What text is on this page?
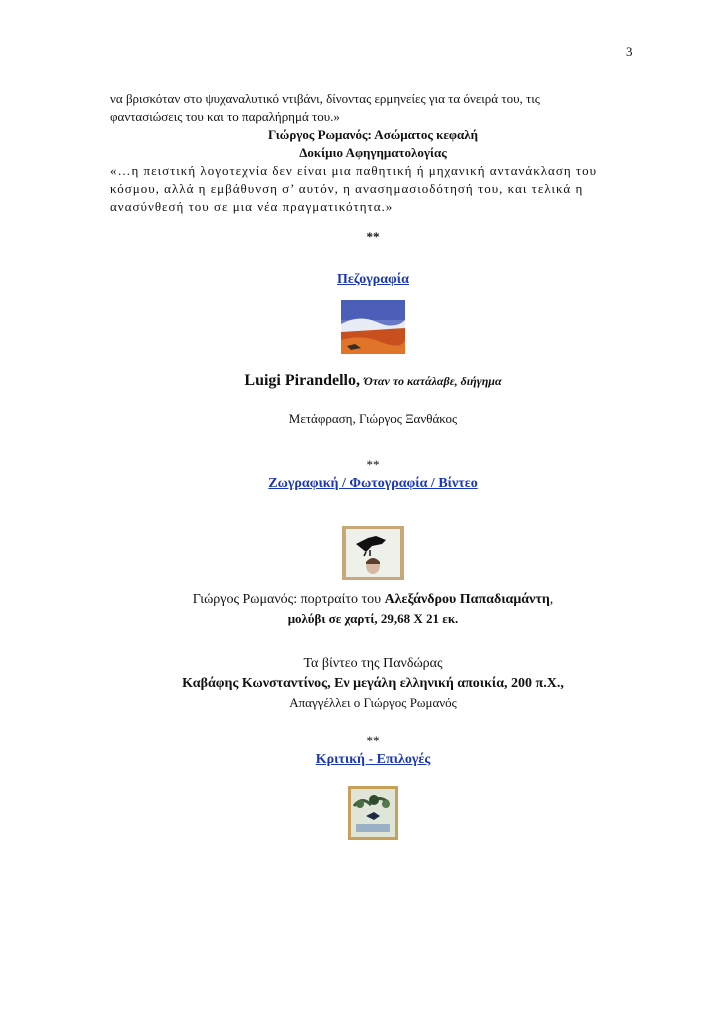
3

να βρισκόταν στο ψυχαναλυτικό ντιβάνι, δίνοντας ερμηνείες για τα όνειρά του, τις

φαντασιώσεις του και το παραλήρημά του.»

Γιώργος Ρωμανός: Ασώματος κεφαλή

Δοκίμιο Αφηγηματολογίας

«…η πειστική λογοτεχνία δεν είναι μια παθητική ή μηχανική αντανάκλαση του

κόσμου, αλλά η εμβάθυνση σ’ αυτόν, η ανασημασιοδότησή του, και τελικά η

ανασύνθεσή του σε μια νέα πραγματικότητα.»

**

Πεζογραφία

Luigi Pirandello, Όταν το κατάλαβε, διήγημα

Μετάφραση, Γιώργος Ξανθάκος

**

Ζωγραφική / Φωτογραφία / Βίντεο

Γιώργος Ρωμανός: πορτραίτο του Αλεξάνδρου Παπαδιαμάντη,

μολύβι σε χαρτί, 29,68 Χ 21 εκ.

Τα βίντεο της Πανδώρας

Καβάφης Κωνσταντίνος, Εν μεγάλη ελληνική αποικία, 200 π.Χ.,

Απαγγέλλει ο Γιώργος Ρωμανός

**

Κριτική - Επιλογές
